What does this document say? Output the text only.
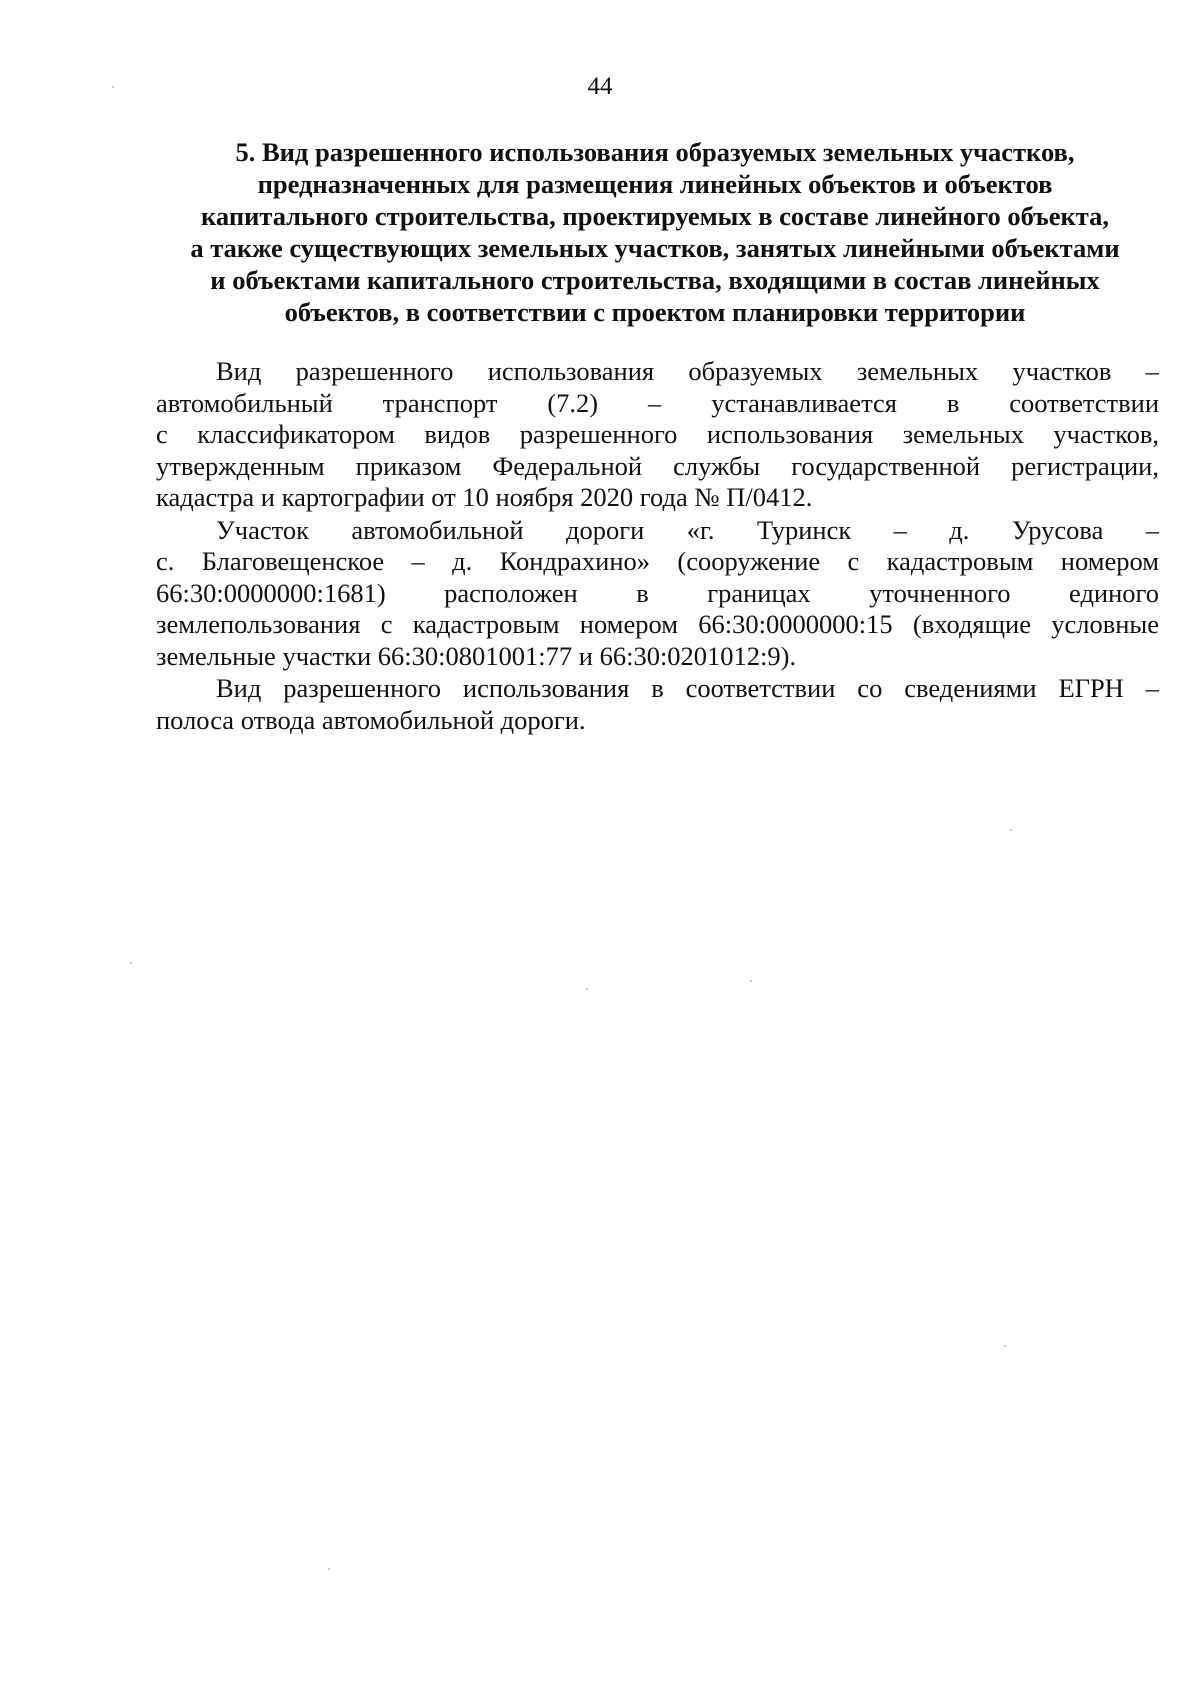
44
5. Вид разрешенного использования образуемых земельных участков,
предназначенных для размещения линейных объектов и объектов
капитального строительства, проектируемых в составе линейного объекта,
а также существующих земельных участков, занятых линейными объектами
и объектами капитального строительства, входящими в состав линейных
объектов, в соответствии с проектом планировки территории

Вид разрешенного использования образуемых земельных участков –
автомобильный транспорт (7.2) – устанавливается в соответствии
с классификатором видов разрешенного использования земельных участков,
утвержденным приказом Федеральной службы государственной регистрации,
кадастра и картографии от 10 ноября 2020 года № П/0412.

Участок автомобильной дороги «г. Туринск – д. Урусова –
с. Благовещенское – д. Кондрахино» (сооружение с кадастровым номером
66:30:0000000:1681) расположен в границах уточненного единого
землепользования с кадастровым номером 66:30:0000000:15 (входящие условные
земельные участки 66:30:0801001:77 и 66:30:0201012:9).

Вид разрешенного использования в соответствии со сведениями ЕГРН –
полоса отвода автомобильной дороги.
